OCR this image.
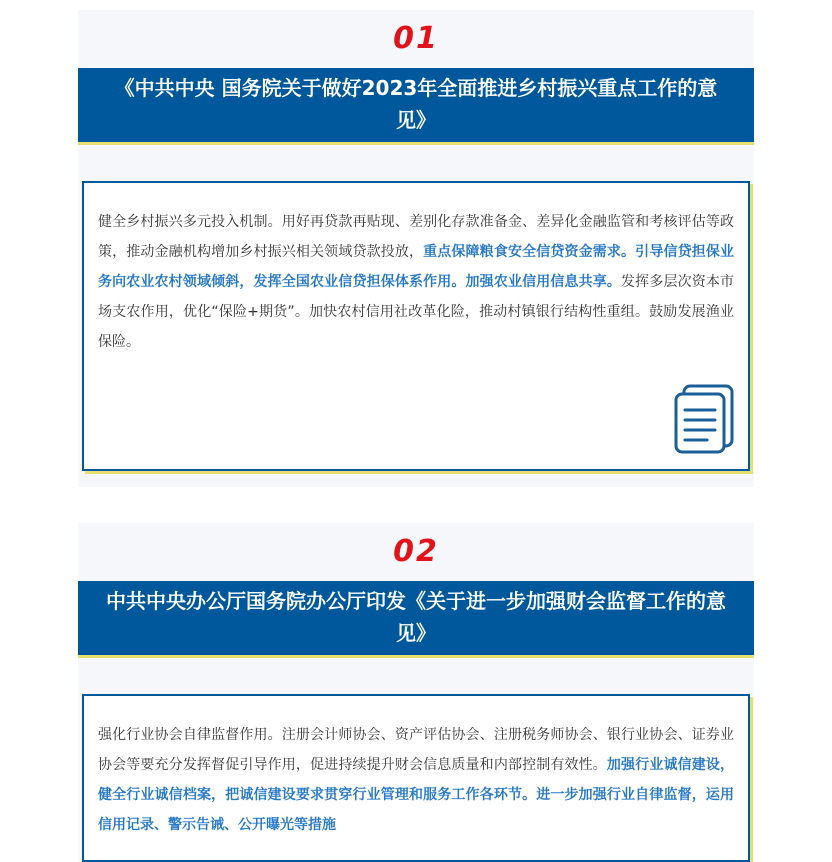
01
《中共中央 国务院关于做好2023年全面推进乡村振兴重点工作的意见》
健全乡村振兴多元投入机制。用好再贷款再贴现、差别化存款准备金、差异化金融监管和考核评估等政策，推动金融机构增加乡村振兴相关领域贷款投放，重点保障粮食安全信贷资金需求。引导信贷担保业务向农业农村领域倾斜，发挥全国农业信贷担保体系作用。加强农业信用信息共享。发挥多层次资本市场支农作用，优化“保险+期货”。加快农村信用社改革化险，推动村镇银行结构性重组。鼓励发展渔业保险。
02
中共中央办公厅国务院办公厅印发《关于进一步加强财会监督工作的意见》
强化行业协会自律监督作用。注册会计师协会、资产评估协会、注册税务师协会、银行业协会、证券业协会等要充分发挥督促引导作用，促进持续提升财会信息质量和内部控制有效性。加强行业诚信建设，健全行业诚信档案，把诚信建设要求贯穿行业管理和服务工作各环节。进一步加强行业自律监督，运用信用记录、警示告诫、公开曝光等措施
